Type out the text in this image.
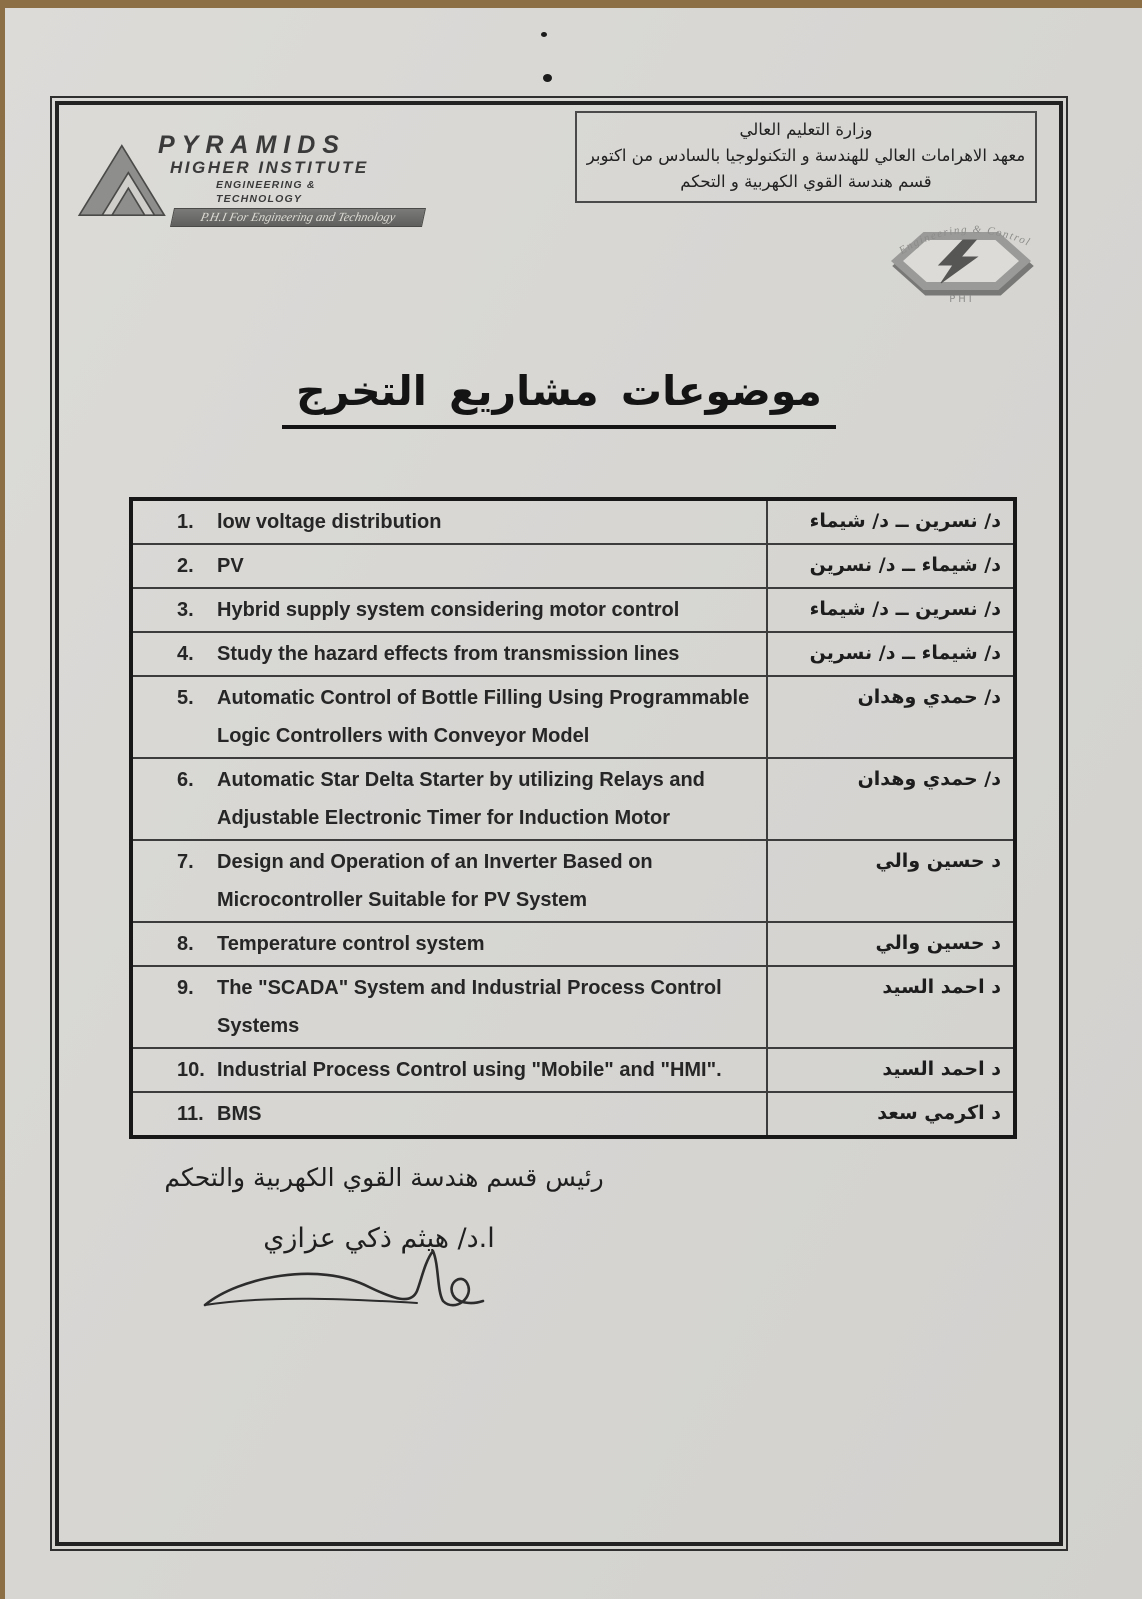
PYRAMIDS
HIGHER INSTITUTE
ENGINEERING & TECHNOLOGY
P.H.I For Engineering and Technology
وزارة التعليم العالي
معهد الاهرامات العالي للهندسة و التكنولوجيا بالسادس من اكتوبر
قسم هندسة القوي الكهربية و التحكم
Engineering & Control
PHI
موضوعات مشاريع التخرج
1. low voltage distribution	د/ نسرين ــ د/ شيماء

2. PV	د/ شيماء ــ د/ نسرين

3. Hybrid supply system considering motor control	د/ نسرين ــ د/ شيماء

4. Study the hazard effects from transmission lines	د/ شيماء ــ د/ نسرين

5. Automatic Control of Bottle Filling Using Programmable Logic Controllers with Conveyor Model	د/ حمدي وهدان

6. Automatic Star Delta Starter by utilizing Relays and Adjustable Electronic Timer for Induction Motor	د/ حمدي وهدان

7. Design and Operation of an Inverter Based on Microcontroller Suitable for PV System	د حسين والي

8. Temperature control system	د حسين والي

9. The "SCADA" System and Industrial Process Control Systems	د احمد السيد

10. Industrial Process Control using "Mobile" and "HMI".	د احمد السيد

11. BMS	د اكرمي سعد
رئيس قسم هندسة القوي الكهربية والتحكم
ا.د/ هيثم ذكي عزازي
